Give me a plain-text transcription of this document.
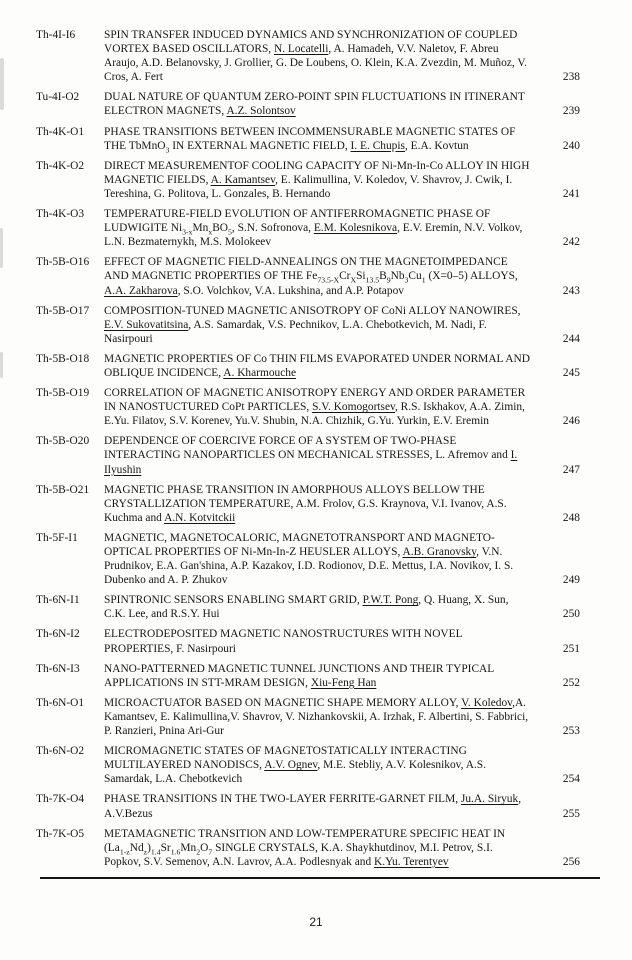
Th-4I-I6	SPIN TRANSFER INDUCED DYNAMICS AND SYNCHRONIZATION OF COUPLED VORTEX BASED OSCILLATORS, N. Locatelli, A. Hamadeh, V.V. Naletov, F. Abreu Araujo, A.D. Belanovsky, J. Grollier, G. De Loubens, O. Klein, K.A. Zvezdin, M. Muñoz, V. Cros, A. Fert	238
Tu-4I-O2	DUAL NATURE OF QUANTUM ZERO-POINT SPIN FLUCTUATIONS IN ITINERANT ELECTRON MAGNETS, A.Z. Solontsov	239
Th-4K-O1	PHASE TRANSITIONS BETWEEN INCOMMENSURABLE MAGNETIC STATES OF THE TbMnO$_3$ IN EXTERNAL MAGNETIC FIELD, I. E. Chupis, E.A. Kovtun	240
Th-4K-O2	DIRECT MEASUREMENTOF COOLING CAPACITY OF Ni-Mn-In-Co ALLOY IN HIGH MAGNETIC FIELDS, A. Kamantsev, E. Kalimullina, V. Koledov, V. Shavrov, J. Cwik, I. Tereshina, G. Politova, L. Gonzales, B. Hernando	241
Th-4K-O3	TEMPERATURE-FIELD EVOLUTION OF ANTIFERROMAGNETIC PHASE OF LUDWIGITE $Ni_{3-x}Mn_xBO_5$, S.N. Sofronova, E.M. Kolesnikova, E.V. Eremin, N.V. Volkov, L.N. Bezmaternykh, M.S. Molokeev	242
Th-5B-O16	EFFECT OF MAGNETIC FIELD-ANNEALINGS ON THE MAGNETOIMPEDANCE AND MAGNETIC PROPERTIES OF THE $Fe_{73.5-X}Cr_XSi_{13.5}B_9Nb_3Cu_1$ (X=0–5) ALLOYS, A.A. Zakharova, S.O. Volchkov, V.A. Lukshina, and A.P. Potapov	243
Th-5B-O17	COMPOSITION-TUNED MAGNETIC ANISOTROPY OF CoNi ALLOY NANOWIRES, E.V. Sukovatitsina, A.S. Samardak, V.S. Pechnikov, L.A. Chebotkevich, M. Nadi, F. Nasirpouri	244
Th-5B-O18	MAGNETIC PROPERTIES OF Co THIN FILMS EVAPORATED UNDER NORMAL AND OBLIQUE INCIDENCE, A. Kharmouche	245
Th-5B-O19	CORRELATION OF MAGNETIC ANISOTROPY ENERGY AND ORDER PARAMETER IN NANOSTUCTURED CoPt PARTICLES, S.V. Komogortsev, R.S. Iskhakov, A.A. Zimin, E.Yu. Filatov, S.V. Korenev, Yu.V. Shubin, N.A. Chizhik, G.Yu. Yurkin, E.V. Eremin	246
Th-5B-O20	DEPENDENCE OF COERCIVE FORCE OF A SYSTEM OF TWO-PHASE INTERACTING NANOPARTICLES ON MECHANICAL STRESSES, L. Afremov and I. Ilyushin	247
Th-5B-O21	MAGNETIC PHASE TRANSITION IN AMORPHOUS ALLOYS BELLOW THE CRYSTALLIZATION TEMPERATURE, A.M. Frolov, G.S. Kraynova, V.I. Ivanov, A.S. Kuchma and A.N. Kotvitckii	248
Th-5F-I1	MAGNETIC, MAGNETOCALORIC, MAGNETOTRANSPORT AND MAGNETO-OPTICAL PROPERTIES OF Ni-Mn-In-Z HEUSLER ALLOYS, A.B. Granovsky, V.N. Prudnikov, E.A. Gan'shina, A.P. Kazakov, I.D. Rodionov, D.E. Mettus, I.A. Novikov, I. S. Dubenko and A. P. Zhukov	249
Th-6N-I1	SPINTRONIC SENSORS ENABLING SMART GRID, P.W.T. Pong, Q. Huang, X. Sun, C.K. Lee, and R.S.Y. Hui	250
Th-6N-I2	ELECTRODEPOSITED MAGNETIC NANOSTRUCTURES WITH NOVEL PROPERTIES, F. Nasirpouri	251
Th-6N-I3	NANO-PATTERNED MAGNETIC TUNNEL JUNCTIONS AND THEIR TYPICAL APPLICATIONS IN STT-MRAM DESIGN, Xiu-Feng Han	252
Th-6N-O1	MICROACTUATOR BASED ON MAGNETIC SHAPE MEMORY ALLOY, V. Koledov,A. Kamantsev, E. Kalimullina,V. Shavrov, V. Nizhankovskii, A. Irzhak, F. Albertini, S. Fabbrici, P. Ranzieri, Pnina Ari-Gur	253
Th-6N-O2	MICROMAGNETIC STATES OF MAGNETOSTATICALLY INTERACTING MULTILAYERED NANODISCS, A.V. Ognev, M.E. Stebliy, A.V. Kolesnikov, A.S. Samardak, L.A. Chebotkevich	254
Th-7K-O4	PHASE TRANSITIONS IN THE TWO-LAYER FERRITE-GARNET FILM, Ju.A. Siryuk, A.V.Bezus	255
Th-7K-O5	METAMAGNETIC TRANSITION AND LOW-TEMPERATURE SPECIFIC HEAT IN $(La_{1-z}Nd_z)_{1.4}Sr_{1.6}Mn_2O_7$ SINGLE CRYSTALS, K.A. Shaykhutdinov, M.I. Petrov, S.I. Popkov, S.V. Semenov, A.N. Lavrov, A.A. Podlesnyak and K.Yu. Terentyev	256
21
